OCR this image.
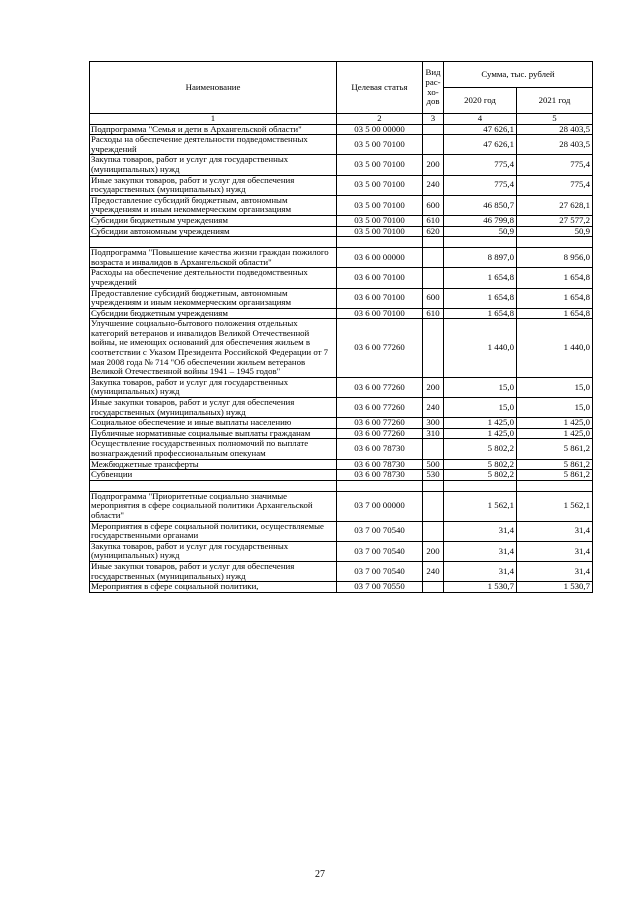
Наименование	Целевая статья	Вид рас-хо-дов	Сумма, тыс. рублей	
			2020 год	2021 год
1	2	3	4	5
Подпрограмма "Семья и дети в Архангельской области"	03 5 00 00000		47 626,1	28 403,5
Расходы на обеспечение деятельности подведомственных учреждений	03 5 00 70100		47 626,1	28 403,5
Закупка товаров, работ и услуг для государственных (муниципальных) нужд	03 5 00 70100	200	775,4	775,4
Иные закупки товаров, работ и услуг для обеспечения государственных (муниципальных) нужд	03 5 00 70100	240	775,4	775,4
Предоставление субсидий бюджетным, автономным учреждениям и иным некоммерческим организациям	03 5 00 70100	600	46 850,7	27 628,1
Субсидии бюджетным учреждениям	03 5 00 70100	610	46 799,8	27 577,2
Субсидии автономным учреждениям	03 5 00 70100	620	50,9	50,9

Подпрограмма "Повышение качества жизни граждан пожилого возраста и инвалидов в Архангельской области"	03 6 00 00000		8 897,0	8 956,0
Расходы на обеспечение деятельности подведомственных учреждений	03 6 00 70100		1 654,8	1 654,8
Предоставление субсидий бюджетным, автономным учреждениям и иным некоммерческим организациям	03 6 00 70100	600	1 654,8	1 654,8
Субсидии бюджетным учреждениям	03 6 00 70100	610	1 654,8	1 654,8
Улучшение социально-бытового положения отдельных категорий ветеранов и инвалидов Великой Отечественной войны, не имеющих оснований для обеспечения жильем в соответствии с Указом Президента Российской Федерации от 7 мая 2008 года № 714 "Об обеспечении жильем ветеранов Великой Отечественной войны 1941 – 1945 годов"	03 6 00 77260		1 440,0	1 440,0
Закупка товаров, работ и услуг для государственных (муниципальных) нужд	03 6 00 77260	200	15,0	15,0
Иные закупки товаров, работ и услуг для обеспечения государственных (муниципальных) нужд	03 6 00 77260	240	15,0	15,0
Социальное обеспечение и иные выплаты населению	03 6 00 77260	300	1 425,0	1 425,0
Публичные нормативные социальные выплаты гражданам	03 6 00 77260	310	1 425,0	1 425,0
Осуществление государственных полномочий по выплате вознаграждений профессиональным опекунам	03 6 00 78730		5 802,2	5 861,2
Межбюджетные трансферты	03 6 00 78730	500	5 802,2	5 861,2
Субвенции	03 6 00 78730	530	5 802,2	5 861,2

Подпрограмма "Приоритетные социально значимые мероприятия в сфере социальной политики Архангельской области"	03 7 00 00000		1 562,1	1 562,1
Мероприятия в сфере социальной политики, осуществляемые государственными органами	03 7 00 70540		31,4	31,4
Закупка товаров, работ и услуг для государственных (муниципальных) нужд	03 7 00 70540	200	31,4	31,4
Иные закупки товаров, работ и услуг для обеспечения государственных (муниципальных) нужд	03 7 00 70540	240	31,4	31,4
Мероприятия в сфере социальной политики,	03 7 00 70550		1 530,7	1 530,7
27
